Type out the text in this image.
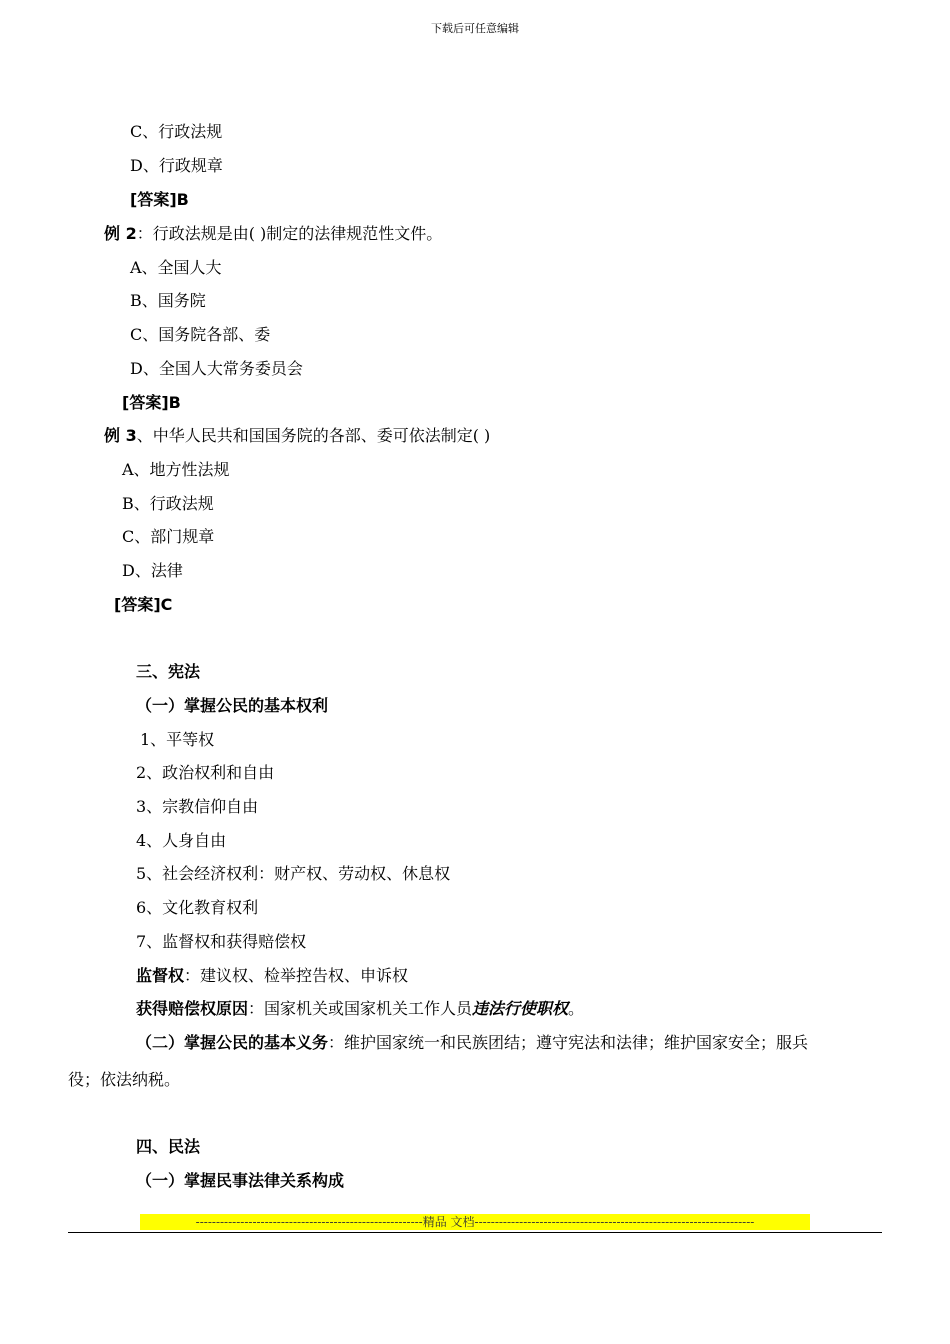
下载后可任意编辑
C、行政法规
D、行政规章
[答案]B
例 2：行政法规是由( )制定的法律规范性文件。
A、全国人大
B、国务院
C、国务院各部、委
D、全国人大常务委员会
[答案]B
例 3、中华人民共和国国务院的各部、委可依法制定( )
A、地方性法规
B、行政法规
C、部门规章
D、法律
[答案]C
三、宪法
（一）掌握公民的基本权利
1、平等权
2、政治权利和自由
3、宗教信仰自由
4、人身自由
5、社会经济权利：财产权、劳动权、休息权
6、文化教育权利
7、监督权和获得赔偿权
监督权：建议权、检举控告权、申诉权
获得赔偿权原因：国家机关或国家机关工作人员违法行使职权。
（二）掌握公民的基本义务：维护国家统一和民族团结；遵守宪法和法律；维护国家安全；服兵
役；依法纳税。
四、民法
（一）掌握民事法律关系构成
--------------------------------------------------------精品 文档---------------------------------------------------------------------
